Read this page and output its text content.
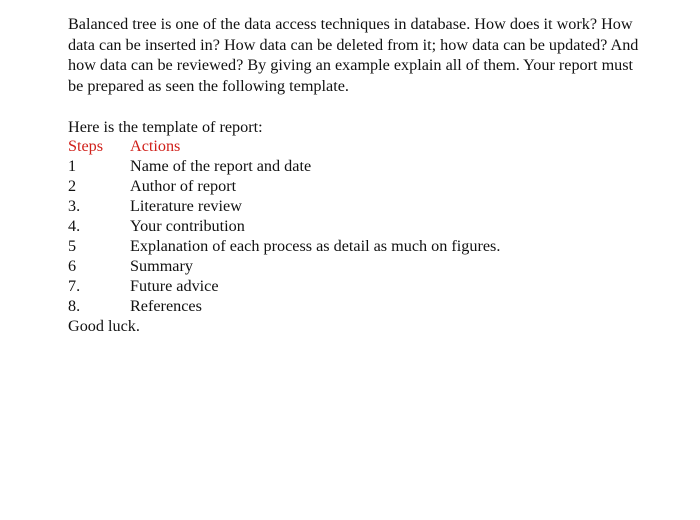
Balanced tree is one of the data access techniques in database. How does it work? How
data can be inserted in? How data can be deleted from it; how data can be updated? And
how data can be reviewed? By giving an example explain all of them. Your report must
be prepared as seen the following template.

Here is the template of report:

Steps	Actions
1	Name of the report and date
2	Author of report
3.	Literature review
4.	Your contribution
5	Explanation of each process as detail as much on figures.
6	Summary
7.	Future advice
8.	References

Good luck.
